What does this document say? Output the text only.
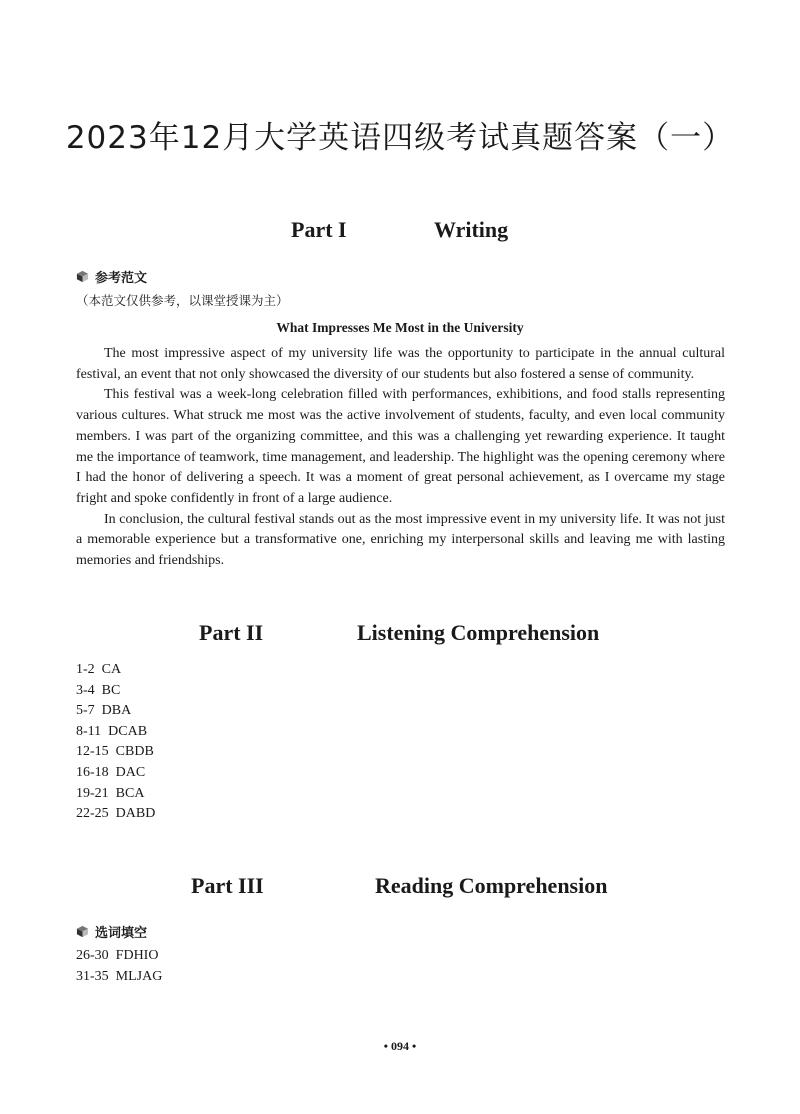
2023年12月大学英语四级考试真题答案（一）
Part I	Writing
参考范文
（本范文仅供参考，以课堂授课为主）
What Impresses Me Most in the University

The most impressive aspect of my university life was the opportunity to participate in the annual cultural festival, an event that not only showcased the diversity of our students but also fostered a sense of community.

This festival was a week-long celebration filled with performances, exhibitions, and food stalls representing various cultures. What struck me most was the active involvement of students, faculty, and even local community members. I was part of the organizing committee, and this was a challenging yet rewarding experience. It taught me the importance of teamwork, time management, and leadership. The highlight was the opening ceremony where I had the honor of delivering a speech. It was a moment of great personal achievement, as I overcame my stage fright and spoke confidently in front of a large audience.

In conclusion, the cultural festival stands out as the most impressive event in my university life. It was not just a memorable experience but a transformative one, enriching my interpersonal skills and leaving me with lasting memories and friendships.

Part II	Listening Comprehension
1-2 CA
3-4 BC
5-7 DBA
8-11 DCAB
12-15 CBDB
16-18 DAC
19-21 BCA
22-25 DABD
Part III	Reading Comprehension
选词填空
26-30 FDHIO
31-35 MLJAG
• 094 •
